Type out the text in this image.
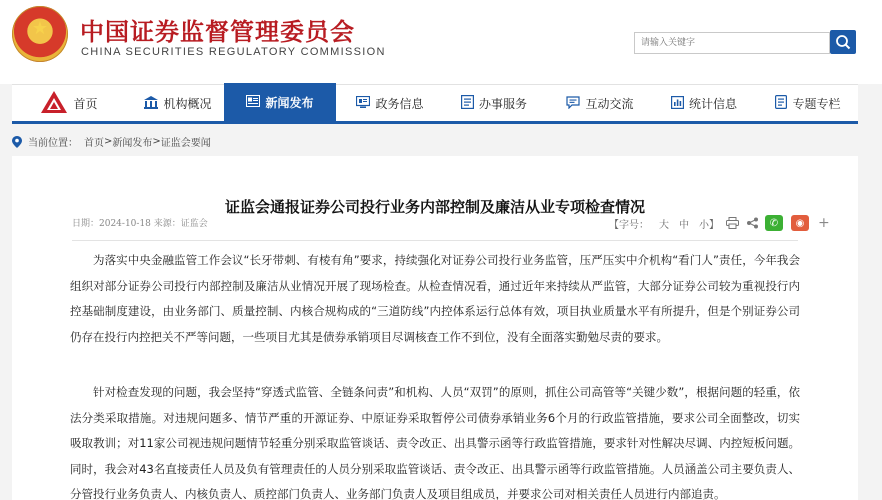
★	中国证券监督管理委员会
CHINA SECURITIES REGULATORY COMMISSION
请输入关键字
首页	机构概况	新闻发布	政务信息	办事服务	互动交流	统计信息	专题专栏
当前位置： 首页 > 新闻发布 > 证监会要闻
证监会通报证券公司投行业务内部控制及廉洁从业专项检查情况
日期：2024-10-18 来源：证监会	【字号： 大 中 小 】	✆	◉ +

为落实中央金融监管工作会议“长牙带刺、有棱有角”要求，持续强化对证券公司投行业务监管，压严压实中介机构“看门人”责任，今年我会组织对部分证券公司投行内部控制及廉洁从业情况开展了现场检查。从检查情况看，通过近年来持续从严监管，大部分证券公司较为重视投行内控基础制度建设，由业务部门、质量控制、内核合规构成的“三道防线”内控体系运行总体有效，项目执业质量水平有所提升，但是个别证券公司仍存在投行内控把关不严等问题，一些项目尤其是债券承销项目尽调核查工作不到位，没有全面落实勤勉尽责的要求。

针对检查发现的问题，我会坚持“穿透式监管、全链条问责”和机构、人员“双罚”的原则，抓住公司高管等“关键少数”，根据问题的轻重，依法分类采取措施。对违规问题多、情节严重的开源证券、中原证券采取暂停公司债券承销业务6个月的行政监管措施，要求公司全面整改，切实吸取教训；对11家公司视违规问题情节轻重分别采取监管谈话、责令改正、出具警示函等行政监管措施，要求针对性解决尽调、内控短板问题。同时，我会对43名直接责任人员及负有管理责任的人员分别采取监管谈话、责令改正、出具警示函等行政监管措施。人员涵盖公司主要负责人、分管投行业务负责人、内核负责人、质控部门负责人、业务部门负责人及项目组成员，并要求公司对相关责任人员进行内部追责。
